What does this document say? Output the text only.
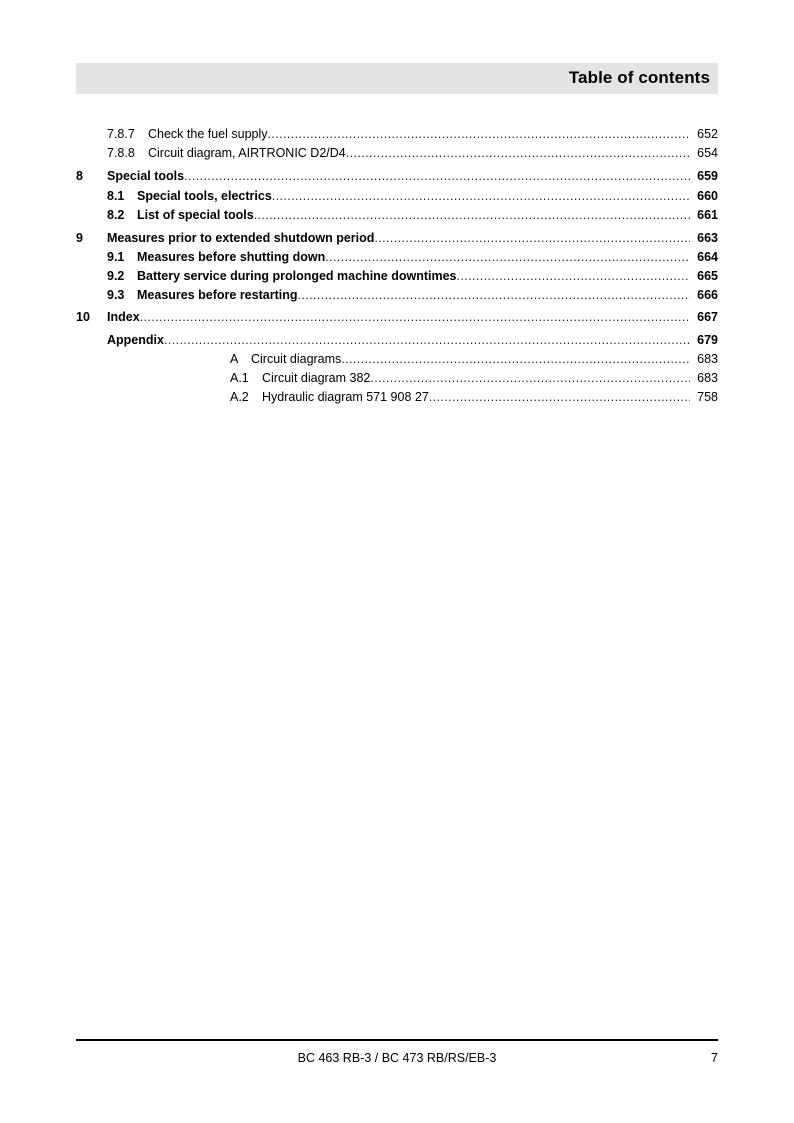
Table of contents
7.8.7 Check the fuel supply .....	652
7.8.8 Circuit diagram, AIRTRONIC D2/D4 .....	654
8 Special tools .....	659
8.1 Special tools, electrics .....	660
8.2 List of special tools .....	661
9 Measures prior to extended shutdown period .....	663
9.1 Measures before shutting down .....	664
9.2 Battery service during prolonged machine downtimes .....	665
9.3 Measures before restarting .....	666
10 Index .....	667
Appendix .....	679
A Circuit diagrams .....	683
A.1 Circuit diagram 382 .....	683
A.2 Hydraulic diagram 571 908 27 .....	758
BC 463 RB-3 / BC 473 RB/RS/EB-3	7
